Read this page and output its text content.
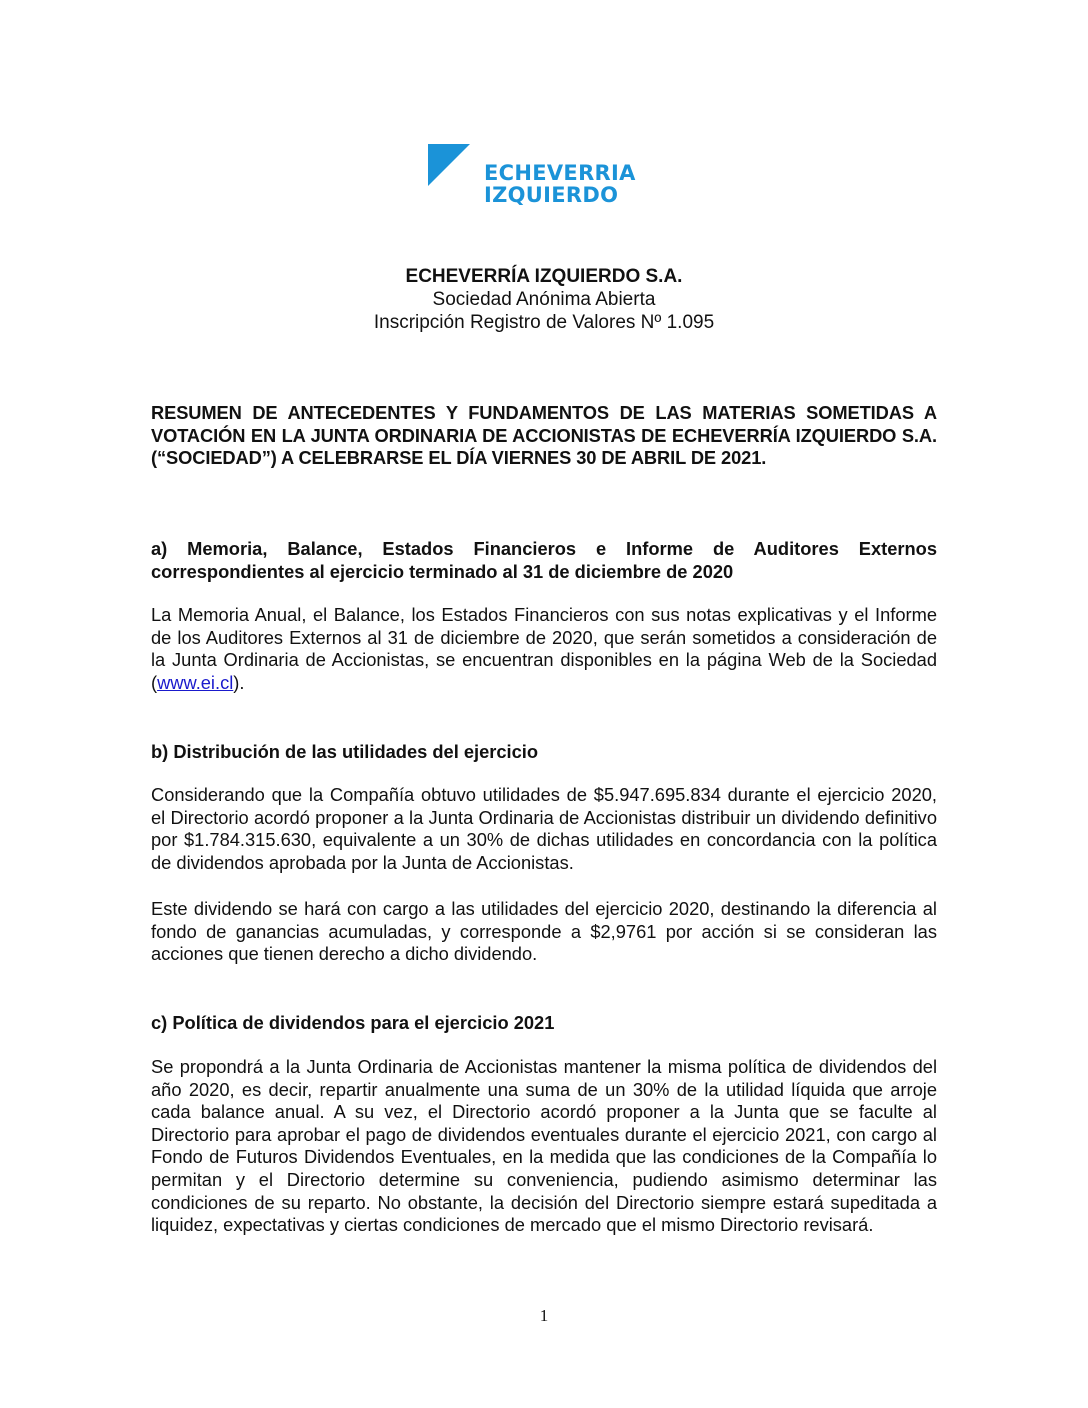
ECHEVERRIA
IZQUIERDO
ECHEVERRÍA IZQUIERDO S.A.
Sociedad Anónima Abierta
Inscripción Registro de Valores Nº 1.095
RESUMEN DE ANTECEDENTES Y FUNDAMENTOS DE LAS MATERIAS SOMETIDAS A VOTACIÓN EN LA JUNTA ORDINARIA DE ACCIONISTAS DE ECHEVERRÍA IZQUIERDO S.A. (“SOCIEDAD”) A CELEBRARSE EL DÍA VIERNES 30 DE ABRIL DE 2021.
a) Memoria, Balance, Estados Financieros e Informe de Auditores Externos correspondientes al ejercicio terminado al 31 de diciembre de 2020
La Memoria Anual, el Balance, los Estados Financieros con sus notas explicativas y el Informe de los Auditores Externos al 31 de diciembre de 2020, que serán sometidos a consideración de la Junta Ordinaria de Accionistas, se encuentran disponibles en la página Web de la Sociedad (www.ei.cl).
b) Distribución de las utilidades del ejercicio
Considerando que la Compañía obtuvo utilidades de $5.947.695.834 durante el ejercicio 2020, el Directorio acordó proponer a la Junta Ordinaria de Accionistas distribuir un dividendo definitivo por $1.784.315.630, equivalente a un 30% de dichas utilidades en concordancia con la política de dividendos aprobada por la Junta de Accionistas.
Este dividendo se hará con cargo a las utilidades del ejercicio 2020, destinando la diferencia al fondo de ganancias acumuladas, y corresponde a $2,9761 por acción si se consideran las acciones que tienen derecho a dicho dividendo.
c) Política de dividendos para el ejercicio 2021
Se propondrá a la Junta Ordinaria de Accionistas mantener la misma política de dividendos del año 2020, es decir, repartir anualmente una suma de un 30% de la utilidad líquida que arroje cada balance anual. A su vez, el Directorio acordó proponer a la Junta que se faculte al Directorio para aprobar el pago de dividendos eventuales durante el ejercicio 2021, con cargo al Fondo de Futuros Dividendos Eventuales, en la medida que las condiciones de la Compañía lo permitan y el Directorio determine su conveniencia, pudiendo asimismo determinar las condiciones de su reparto. No obstante, la decisión del Directorio siempre estará supeditada a liquidez, expectativas y ciertas condiciones de mercado que el mismo Directorio revisará.
1
